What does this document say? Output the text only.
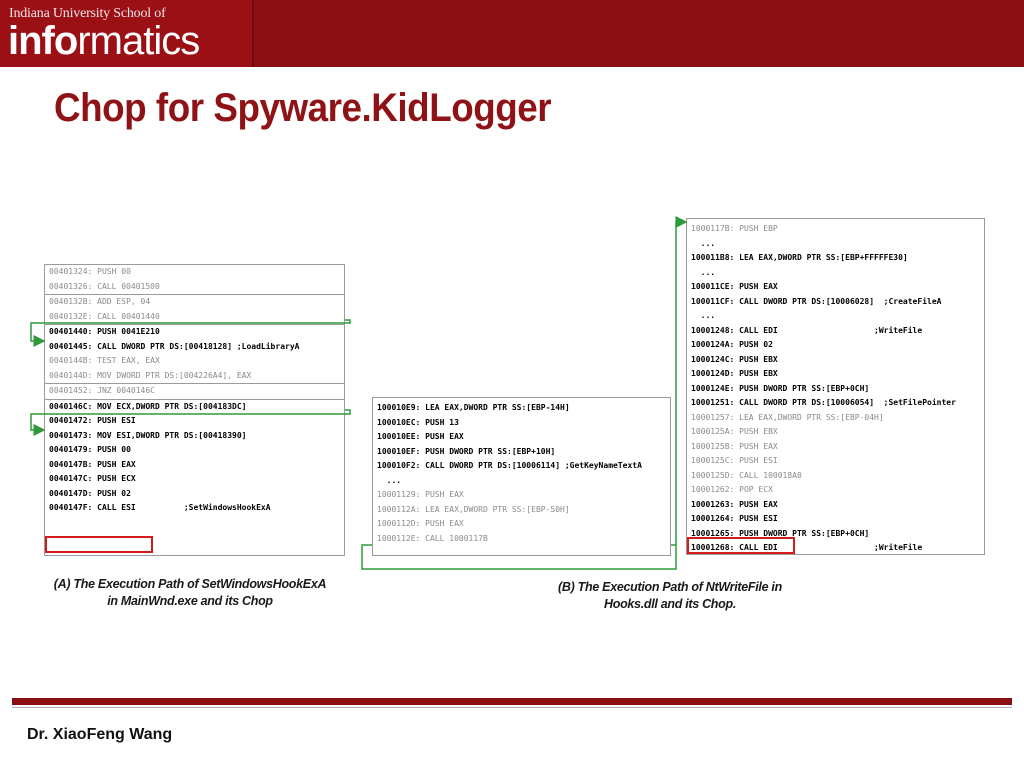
Indiana University School of
informatics
Chop for Spyware.KidLogger
00401324: PUSH 00
00401326: CALL 00401500
0040132B: ADD ESP, 04
0040132E: CALL 00401440
00401440: PUSH 0041E210
00401445: CALL DWORD PTR DS:[00418128] ;LoadLibraryA
0040144B: TEST EAX, EAX
0040144D: MOV DWORD PTR DS:[004226A4], EAX
00401452: JNZ 0040146C
0040146C: MOV ECX,DWORD PTR DS:[004183DC]
00401472: PUSH ESI
00401473: MOV ESI,DWORD PTR DS:[00418390]
00401479: PUSH 00
0040147B: PUSH EAX
0040147C: PUSH ECX
0040147D: PUSH 02
0040147F: CALL ESI          ;SetWindowsHookExA
100010E9: LEA EAX,DWORD PTR SS:[EBP-14H]
100010EC: PUSH 13
100010EE: PUSH EAX
100010EF: PUSH DWORD PTR SS:[EBP+10H]
100010F2: CALL DWORD PTR DS:[10006114] ;GetKeyNameTextA
...
10001129: PUSH EAX
1000112A: LEA EAX,DWORD PTR SS:[EBP-50H]
1000112D: PUSH EAX
1000112E: CALL 1000117B
1000117B: PUSH EBP
...
100011B8: LEA EAX,DWORD PTR SS:[EBP+FFFFFE30]
...
100011CE: PUSH EAX
100011CF: CALL DWORD PTR DS:[10006028]  ;CreateFileA
...
10001248: CALL EDI                    ;WriteFile
1000124A: PUSH 02
1000124C: PUSH EBX
1000124D: PUSH EBX
1000124E: PUSH DWORD PTR SS:[EBP+0CH]
10001251: CALL DWORD PTR DS:[10006054]  ;SetFilePointer
10001257: LEA EAX,DWORD PTR SS:[EBP-04H]
1000125A: PUSH EBX
1000125B: PUSH EAX
1000125C: PUSH ESI
1000125D: CALL 100018A0
10001262: POP ECX
10001263: PUSH EAX
10001264: PUSH ESI
10001265: PUSH DWORD PTR SS:[EBP+0CH]
10001268: CALL EDI                    ;WriteFile
(A) The Execution Path of SetWindowsHookExA
in MainWnd.exe and its Chop
(B) The Execution Path of NtWriteFile in
Hooks.dll and its Chop.
Dr. XiaoFeng Wang
